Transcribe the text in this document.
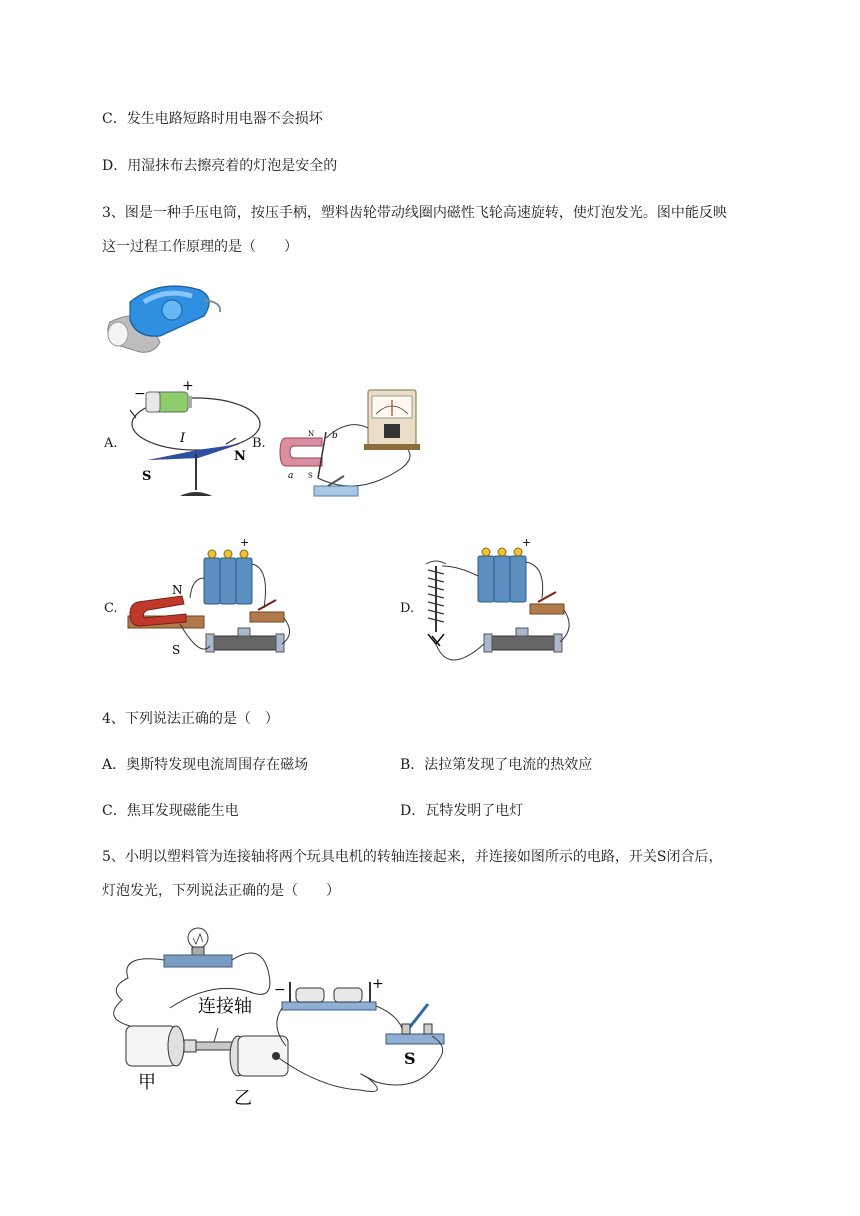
C．发生电路短路时用电器不会损坏
D．用湿抹布去擦亮着的灯泡是安全的
3、图是一种手压电筒，按压手柄，塑料齿轮带动线圈内磁性飞轮高速旋转，使灯泡发光。图中能反映
这一过程工作原理的是（　　）
A.
−	+
I
S
N
B.
N
S
a
b
C.
+
N
S
D.
+
4、下列说法正确的是（　）
A．奥斯特发现电流周围存在磁场	B．法拉第发现了电流的热效应
C．焦耳发现磁能生电	D．瓦特发明了电灯
5、小明以塑料管为连接轴将两个玩具电机的转轴连接起来，并连接如图所示的电路，开关S闭合后，
灯泡发光，下列说法正确的是（　　）
连接轴
甲
乙
−	+
S
